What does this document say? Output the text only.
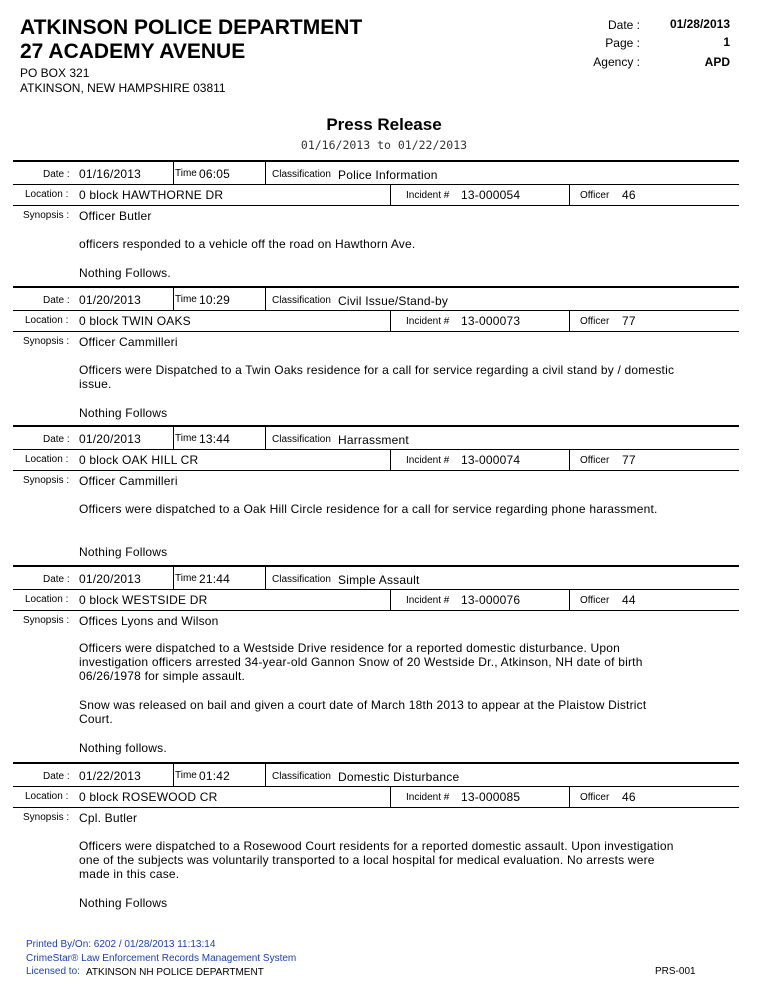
ATKINSON POLICE DEPARTMENT
27 ACADEMY AVENUE
PO BOX 321
ATKINSON, NEW HAMPSHIRE 03811
Date :	01/28/2013
Page :	1
Agency :	APD
Press Release
01/16/2013 to 01/22/2013
Date : 01/16/2013	Time 06:05	Classification Police Information
Location : 0 block HAWTHORNE DR	Incident # 13-000054	Officer 46
Synopsis : Officer Butler
officers responded to a vehicle off the road on Hawthorn Ave.
Nothing Follows.
Date : 01/20/2013	Time 10:29	Classification Civil Issue/Stand-by
Location : 0 block TWIN OAKS	Incident # 13-000073	Officer 77
Synopsis : Officer Cammilleri
Officers were Dispatched to a Twin Oaks residence for a call for service regarding a civil stand by / domestic issue.
Nothing Follows
Date : 01/20/2013	Time 13:44	Classification Harrassment
Location : 0 block OAK HILL CR	Incident # 13-000074	Officer 77
Synopsis : Officer Cammilleri
Officers were dispatched to a Oak Hill Circle residence for a call for service regarding phone harassment.
Nothing Follows
Date : 01/20/2013	Time 21:44	Classification Simple Assault
Location : 0 block WESTSIDE DR	Incident # 13-000076	Officer 44
Synopsis : Offices Lyons and Wilson
Officers were dispatched to a Westside Drive residence for a reported domestic disturbance. Upon investigation officers arrested 34-year-old Gannon Snow of 20 Westside Dr., Atkinson, NH date of birth 06/26/1978 for simple assault.
Snow was released on bail and given a court date of March 18th 2013 to appear at the Plaistow District Court.
Nothing follows.
Date : 01/22/2013	Time 01:42	Classification Domestic Disturbance
Location : 0 block ROSEWOOD CR	Incident # 13-000085	Officer 46
Synopsis : Cpl. Butler
Officers were dispatched to a Rosewood Court residents for a reported domestic assault. Upon investigation one of the subjects was voluntarily transported to a local hospital for medical evaluation. No arrests were made in this case.
Nothing Follows
Printed By/On: 6202 / 01/28/2013 11:13:14
CrimeStar® Law Enforcement Records Management System
Licensed to: ATKINSON NH POLICE DEPARTMENT	PRS-001
